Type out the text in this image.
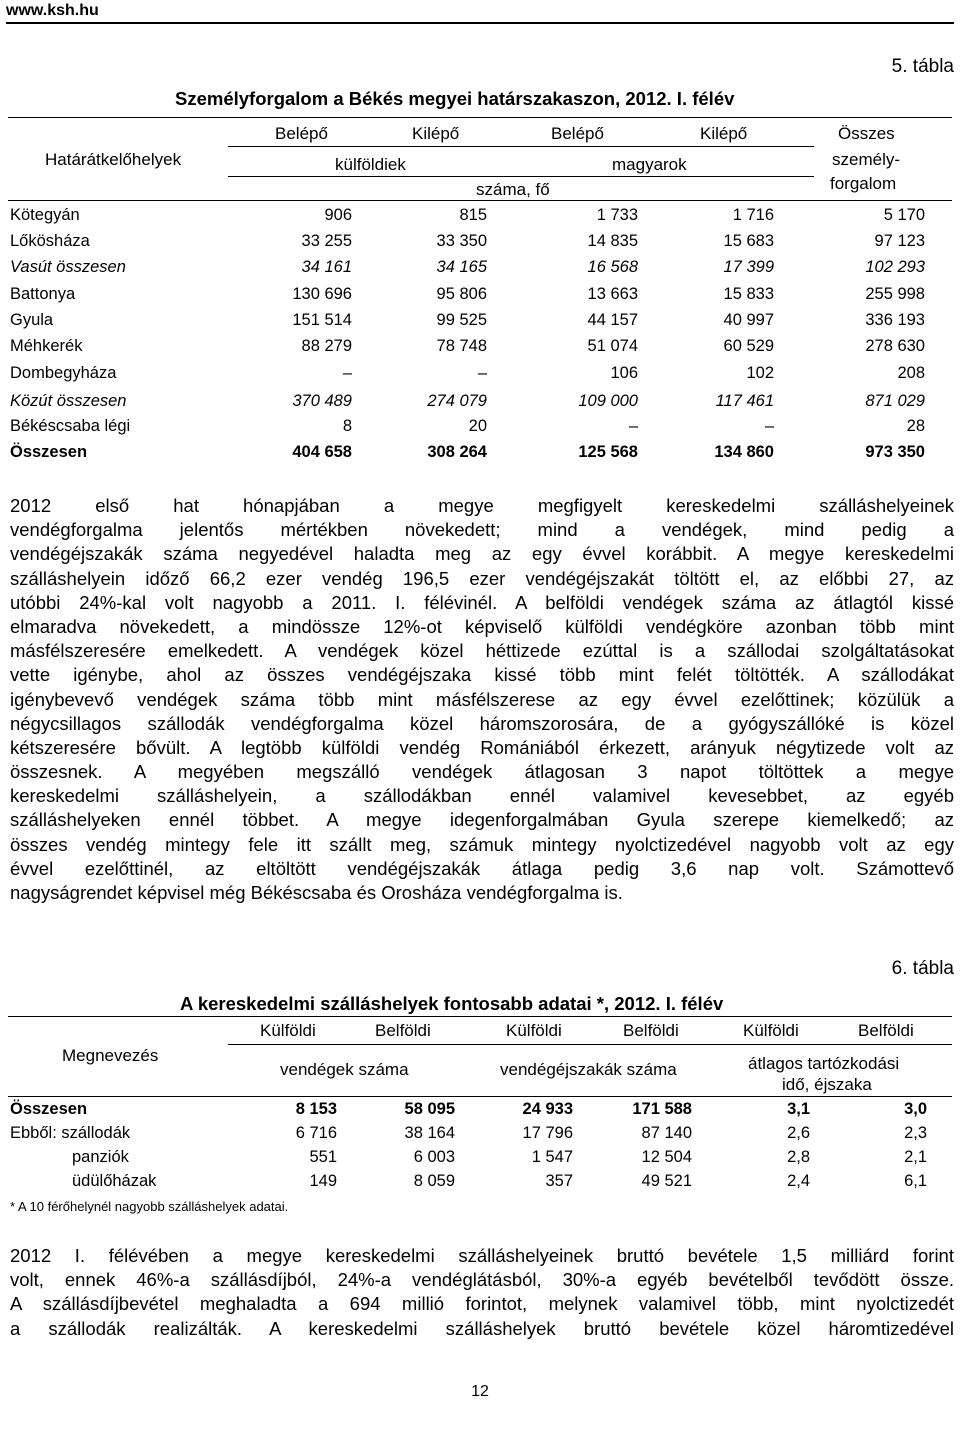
www.ksh.hu
5. tábla
Személyforgalom a Békés megyei határszakaszon, 2012. I. félév
Határátkelőhelyek
Belépő	Kilépő	Belépő	Kilépő	Összes
személy-
forgalom
külföldiek	magyarok
száma, fő
Kötegyán	906	815	1 733	1 716	5 170
Lőkösháza	33 255	33 350	14 835	15 683	97 123
Vasút összesen	34 161	34 165	16 568	17 399	102 293
Battonya	130 696	95 806	13 663	15 833	255 998
Gyula	151 514	99 525	44 157	40 997	336 193
Méhkerék	88 279	78 748	51 074	60 529	278 630
Dombegyháza	–	–	106	102	208
Közút összesen	370 489	274 079	109 000	117 461	871 029
Békéscsaba légi	8	20	–	–	28
Összesen	404 658	308 264	125 568	134 860	973 350
2012 első hat hónapjában a megye megfigyelt kereskedelmi szálláshelyeinek
vendégforgalma jelentős mértékben növekedett; mind a vendégek, mind pedig a
vendégéjszakák száma negyedével haladta meg az egy évvel korábbit. A megye kereskedelmi
szálláshelyein időző 66,2 ezer vendég 196,5 ezer vendégéjszakát töltött el, az előbbi 27, az
utóbbi 24%-kal volt nagyobb a 2011. I. félévinél. A belföldi vendégek száma az átlagtól kissé
elmaradva növekedett, a mindössze 12%-ot képviselő külföldi vendégköre azonban több mint
másfélszeresére emelkedett. A vendégek közel héttizede ezúttal is a szállodai szolgáltatásokat
vette igénybe, ahol az összes vendégéjszaka kissé több mint felét töltötték. A szállodákat
igénybevevő vendégek száma több mint másfélszerese az egy évvel ezelőttinek; közülük a
négycsillagos szállodák vendégforgalma közel háromszorosára, de a gyógyszállóké is közel
kétszeresére bővült. A legtöbb külföldi vendég Romániából érkezett, arányuk négytizede volt az
összesnek. A megyében megszálló vendégek átlagosan 3 napot töltöttek a megye
kereskedelmi szálláshelyein, a szállodákban ennél valamivel kevesebbet, az egyéb
szálláshelyeken ennél többet. A megye idegenforgalmában Gyula szerepe kiemelkedő; az
összes vendég mintegy fele itt szállt meg, számuk mintegy nyolctizedével nagyobb volt az egy
évvel ezelőttinél, az eltöltött vendégéjszakák átlaga pedig 3,6 nap volt. Számottevő
nagyságrendet képvisel még Békéscsaba és Orosháza vendégforgalma is.
6. tábla
A kereskedelmi szálláshelyek fontosabb adatai *, 2012. I. félév
Megnevezés
Külföldi	Belföldi	Külföldi	Belföldi	Külföldi	Belföldi
vendégek száma	vendégéjszakák száma	átlagos tartózkodási
idő, éjszaka
Összesen	8 153	58 095	24 933	171 588	3,1	3,0
Ebből: szállodák	6 716	38 164	17 796	87 140	2,6	2,3
panziók	551	6 003	1 547	12 504	2,8	2,1
üdülőházak	149	8 059	357	49 521	2,4	6,1
* A 10 férőhelynél nagyobb szálláshelyek adatai.
2012 I. félévében a megye kereskedelmi szálláshelyeinek bruttó bevétele 1,5 milliárd forint
volt, ennek 46%-a szállásdíjból, 24%-a vendéglátásból, 30%-a egyéb bevételből tevődött össze.
A szállásdíjbevétel meghaladta a 694 millió forintot, melynek valamivel több, mint nyolctizedét
a szállodák realizálták. A kereskedelmi szálláshelyek bruttó bevétele közel háromtizedével
12
